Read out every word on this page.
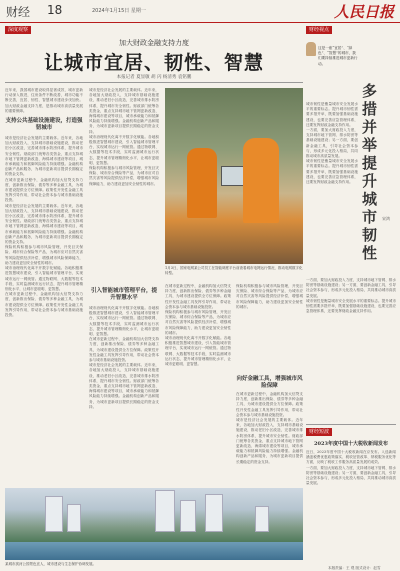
财经 18	2024年1月15日 星期一	人民日报
深度观察
加大财政金融支持力度
让城市宜居、韧性、智慧
本报记者 夏显敏 胡 闪 杨清秀 袁铭鹏
近年来，我国城市建设取得显著成效，城市更新行动深入推进，住房条件不断改善，城市功能不断完善，宜居、韧性、智慧城市建设步伐加快。加大财政金融支持力度，是推动城市高质量发展的重要保障。
支持公共基础设施建设，打造强韧城市
城市是经济社会发展的主要载体。近年来，各地加大财政投入，支持城市基础设施建设，推动老旧小区改造，完善城市排水防涝体系，提升城市安全韧性。财政部门统筹各类资金，重点支持城市地下管网更新改造、海绵城市建设等项目，城市承载能力和抵御风险能力持续增强。金融机构创新产品和服务，为城市更新项目提供长期稳定的资金支持。
在城市更新过程中，金融机构加大信贷支持力度，创新推出保险、债券等多种金融工具，为城市建设提供全方位保障。政策性开发性金融工具发挥引导作用，带动社会资本参与城市基础设施投资。
城市是经济社会发展的主要载体。近年来，各地加大财政投入，支持城市基础设施建设，推动老旧小区改造，完善城市排水防涝体系，提升城市安全韧性。财政部门统筹各类资金，重点支持城市地下管网更新改造、海绵城市建设等项目，城市承载能力和抵御风险能力持续增强。金融机构创新产品和服务，为城市更新项目提供长期稳定的资金支持。
保险机构积极参与城市风险管理，开发巨灾保险、城市综合保险等产品，为城市应对自然灾害等风险提供经济补偿，增强城市风险保障能力，助力建设更加安全韧性的城市。
城市治理现代化离不开数字化赋能。各地积极推进智慧城市建设，引入智能城市管理平台，实现城市运行一网统管。通过物联网、大数据等技术手段，实时监测城市运行状态，提升城市管理精细化水平，让城市更聪明、更智慧。
在城市更新过程中，金融机构加大信贷支持力度，创新推出保险、债券等多种金融工具，为城市建设提供全方位保障。政策性开发性金融工具发挥引导作用，带动社会资本参与城市基础设施投资。
城市是经济社会发展的主要载体。近年来，各地加大财政投入，支持城市基础设施建设，推动老旧小区改造，完善城市排水防涝体系，提升城市安全韧性。财政部门统筹各类资金，重点支持城市地下管网更新改造、海绵城市建设等项目，城市承载能力和抵御风险能力持续增强。金融机构创新产品和服务，为城市更新项目提供长期稳定的资金支持。
城市治理现代化离不开数字化赋能。各地积极推进智慧城市建设，引入智能城市管理平台，实现城市运行一网统管。通过物联网、大数据等技术手段，实时监测城市运行状态，提升城市管理精细化水平，让城市更聪明、更智慧。
保险机构积极参与城市风险管理，开发巨灾保险、城市综合保险等产品，为城市应对自然灾害等风险提供经济补偿，增强城市风险保障能力，助力建设更加安全韧性的城市。
引入智能城市管理平台，提升智慧水平
城市治理现代化离不开数字化赋能。各地积极推进智慧城市建设，引入智能城市管理平台，实现城市运行一网统管。通过物联网、大数据等技术手段，实时监测城市运行状态，提升城市管理精细化水平，让城市更聪明、更智慧。
在城市更新过程中，金融机构加大信贷支持力度，创新推出保险、债券等多种金融工具，为城市建设提供全方位保障。政策性开发性金融工具发挥引导作用，带动社会资本参与城市基础设施投资。
城市是经济社会发展的主要载体。近年来，各地加大财政投入，支持城市基础设施建设，推动老旧小区改造，完善城市排水防涝体系，提升城市安全韧性。财政部门统筹各类资金，重点支持城市地下管网更新改造、海绵城市建设等项目，城市承载能力和抵御风险能力持续增强。金融机构创新产品和服务，为城市更新项目提供长期稳定的资金支持。
1月3日，国家电网某公司员工在智能调度平台前查看城市电网运行情况，推动电网数字化转型。
在城市更新过程中，金融机构加大信贷支持力度，创新推出保险、债券等多种金融工具，为城市建设提供全方位保障。政策性开发性金融工具发挥引导作用，带动社会资本参与城市基础设施投资。
保险机构积极参与城市风险管理，开发巨灾保险、城市综合保险等产品，为城市应对自然灾害等风险提供经济补偿，增强城市风险保障能力，助力建设更加安全韧性的城市。
城市治理现代化离不开数字化赋能。各地积极推进智慧城市建设，引入智能城市管理平台，实现城市运行一网统管。通过物联网、大数据等技术手段，实时监测城市运行状态，提升城市管理精细化水平，让城市更聪明、更智慧。
保险机构积极参与城市风险管理，开发巨灾保险、城市综合保险等产品，为城市应对自然灾害等风险提供经济补偿，增强城市风险保障能力，助力建设更加安全韧性的城市。
向好金融工具，增强城市风险保障
在城市更新过程中，金融机构加大信贷支持力度，创新推出保险、债券等多种金融工具，为城市建设提供全方位保障。政策性开发性金融工具发挥引导作用，带动社会资本参与城市基础设施投资。
城市是经济社会发展的主要载体。近年来，各地加大财政投入，支持城市基础设施建设，推动老旧小区改造，完善城市排水防涝体系，提升城市安全韧性。财政部门统筹各类资金，重点支持城市地下管网更新改造、海绵城市建设等项目，城市承载能力和抵御风险能力持续增强。金融机构创新产品和服务，为城市更新项目提供长期稳定的资金支持。
某城市滨河公园景色宜人，城市建设与生态保护协调发展。
财经视点
这是一座“宜居”、“绿色”、“智慧”的城市，我们要持续推进城市更新行动。
多措并举提升城市韧性
宋鸿
城市韧性是衡量城市安全发展水平的重要标志。提升城市韧性需要多措并举，既要加强基础设施建设，也要完善应急管理体系，还要发挥财政金融支持作用。
一方面，要加大财政投入力度，支持城市地下管网、排水防涝等基础设施建设；另一方面，要创新金融工具，引导社会资本参与，形成多元化投入格局，共同推动城市高质量发展。
城市韧性是衡量城市安全发展水平的重要标志。提升城市韧性需要多措并举，既要加强基础设施建设，也要完善应急管理体系，还要发挥财政金融支持作用。
一方面，要加大财政投入力度，支持城市地下管网、排水防涝等基础设施建设；另一方面，要创新金融工具，引导社会资本参与，形成多元化投入格局，共同推动城市高质量发展。
城市韧性是衡量城市安全发展水平的重要标志。提升城市韧性需要多措并举，既要加强基础设施建设，也要完善应急管理体系，还要发挥财政金融支持作用。
财经短波
2023年度中国十大税收新闻发布
近日，2023年度中国十大税收新闻在京发布。入选新闻涵盖税费优惠政策落实、税收征管改革、纳税服务优化等方面，反映了税收工作服务高质量发展的成效。
一方面，要加大财政投入力度，支持城市地下管网、排水防涝等基础设施建设；另一方面，要创新金融工具，引导社会资本参与，形成多元化投入格局，共同推动城市高质量发展。
本版责编：王 观 版式设计：赵雪
